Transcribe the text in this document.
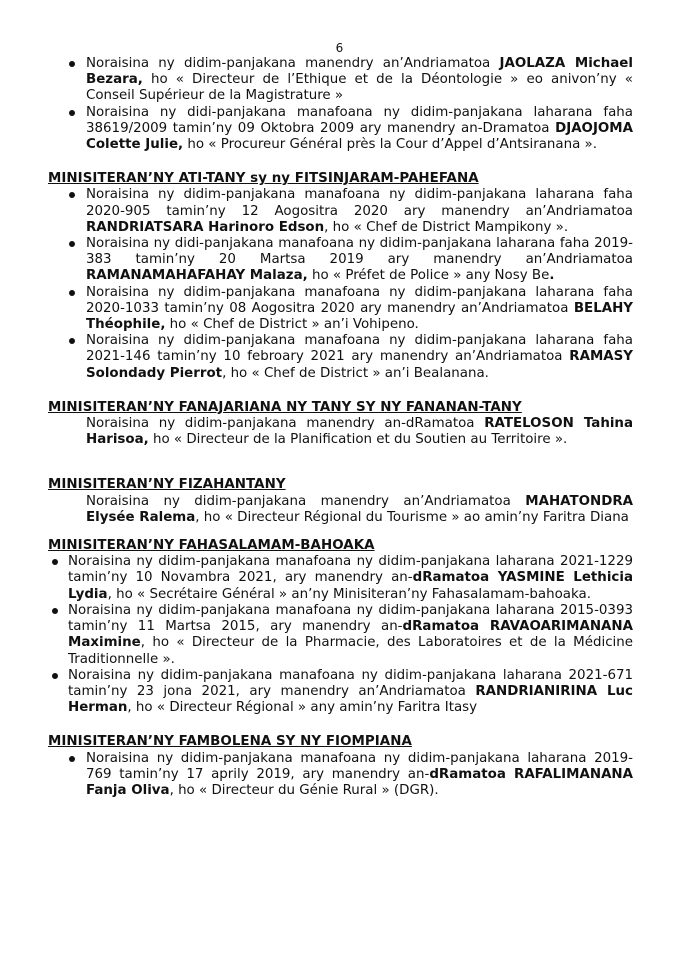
6
Noraisina ny didim-panjakana manendry an’Andriamatoa JAOLAZA Michael Bezara, ho « Directeur de l’Ethique et de la Déontologie » eo anivon’ny « Conseil Supérieur de la Magistrature »
Noraisina ny didi-panjakana manafoana ny didim-panjakana laharana faha 38619/2009 tamin’ny 09 Oktobra 2009 ary manendry an-Dramatoa DJAOJOMA Colette Julie, ho « Procureur Général près la Cour d’Appel d’Antsiranana ».

MINISITERAN’NY ATI-TANY sy ny FITSINJARAM-PAHEFANA

Noraisina ny didim-panjakana manafoana ny didim-panjakana laharana faha 2020-905 tamin’ny 12 Aogositra 2020 ary manendry an’Andriamatoa RANDRIATSARA Harinoro Edson, ho « Chef de District Mampikony ».
Noraisina ny didi-panjakana manafoana ny didim-panjakana laharana faha 2019-383 tamin’ny 20 Martsa 2019 ary manendry an’Andriamatoa RAMANAMAHAFAHAY Malaza, ho « Préfet de Police » any Nosy Be.
Noraisina ny didim-panjakana manafoana ny didim-panjakana laharana faha 2020-1033 tamin’ny 08 Aogositra 2020 ary manendry an’Andriamatoa BELAHY Théophile, ho « Chef de District » an’i Vohipeno.
Noraisina ny didim-panjakana manafoana ny didim-panjakana laharana faha 2021-146 tamin’ny 10 febroary 2021 ary manendry an’Andriamatoa RAMASY Solondady Pierrot, ho « Chef de District » an’i Bealanana.

MINISITERAN’NY FANAJARIANA NY TANY SY NY FANANAN-TANY

Noraisina ny didim-panjakana manendry an-dRamatoa RATELOSON Tahina Harisoa, ho « Directeur de la Planification et du Soutien au Territoire ».

MINISITERAN’NY FIZAHANTANY

Noraisina ny didim-panjakana manendry an’Andriamatoa MAHATONDRA Elysée Ralema, ho « Directeur Régional du Tourisme » ao amin’ny Faritra Diana

MINISITERAN’NY FAHASALAMAM-BAHOAKA

Noraisina ny didim-panjakana manafoana ny didim-panjakana laharana 2021-1229 tamin’ny 10 Novambra 2021, ary manendry an-dRamatoa YASMINE Lethicia Lydia, ho « Secrétaire Général » an’ny Minisiteran’ny Fahasalamam-bahoaka.
Noraisina ny didim-panjakana manafoana ny didim-panjakana laharana 2015-0393 tamin’ny 11 Martsa 2015, ary manendry an-dRamatoa RAVAOARIMANANA Maximine, ho « Directeur de la Pharmacie, des Laboratoires et de la Médicine Traditionnelle ».
Noraisina ny didim-panjakana manafoana ny didim-panjakana laharana 2021-671 tamin’ny 23 jona 2021, ary manendry an’Andriamatoa RANDRIANIRINA Luc Herman, ho « Directeur Régional » any amin’ny Faritra Itasy

MINISITERAN’NY FAMBOLENA SY NY FIOMPIANA

Noraisina ny didim-panjakana manafoana ny didim-panjakana laharana 2019-769 tamin’ny 17 aprily 2019, ary manendry an-dRamatoa RAFALIMANANA Fanja Oliva, ho « Directeur du Génie Rural » (DGR).
